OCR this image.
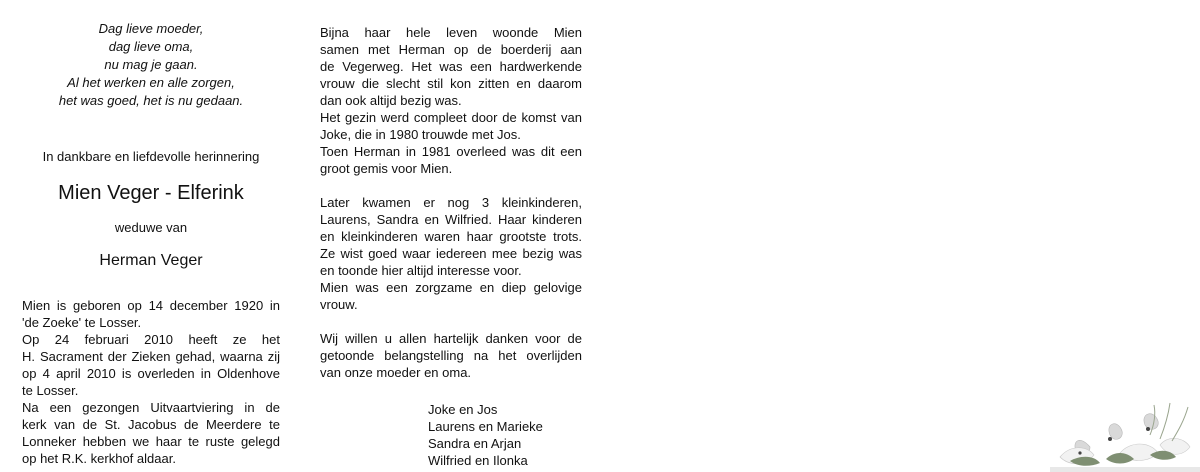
Dag lieve moeder,
dag lieve oma,
nu mag je gaan.
Al het werken en alle zorgen,
het was goed, het is nu gedaan.
In dankbare en liefdevolle herinnering
Mien Veger - Elferink
weduwe van
Herman Veger
Mien is geboren op 14 december 1920 in
'de Zoeke' te Losser.
Op 24 februari 2010 heeft ze het
H. Sacrament der Zieken gehad, waarna zij
op 4 april 2010 is overleden in Oldenhove
te Losser.
Na een gezongen Uitvaartviering in de
kerk van de St. Jacobus de Meerdere te
Lonneker hebben we haar te ruste gelegd
op het R.K. kerkhof aldaar.
Bijna haar hele leven woonde Mien
samen met Herman op de boerderij aan
de Vegerweg. Het was een hardwerkende
vrouw die slecht stil kon zitten en daarom
dan ook altijd bezig was.
Het gezin werd compleet door de komst van
Joke, die in 1980 trouwde met Jos.
Toen Herman in 1981 overleed was dit een
groot gemis voor Mien.
Later kwamen er nog 3 kleinkinderen,
Laurens, Sandra en Wilfried. Haar kinderen
en kleinkinderen waren haar grootste trots.
Ze wist goed waar iedereen mee bezig was
en toonde hier altijd interesse voor.
Mien was een zorgzame en diep gelovige
vrouw.
Wij willen u allen hartelijk danken voor de
getoonde belangstelling na het overlijden
van onze moeder en oma.
Joke en Jos
Laurens en Marieke
Sandra en Arjan
Wilfried en Ilonka
